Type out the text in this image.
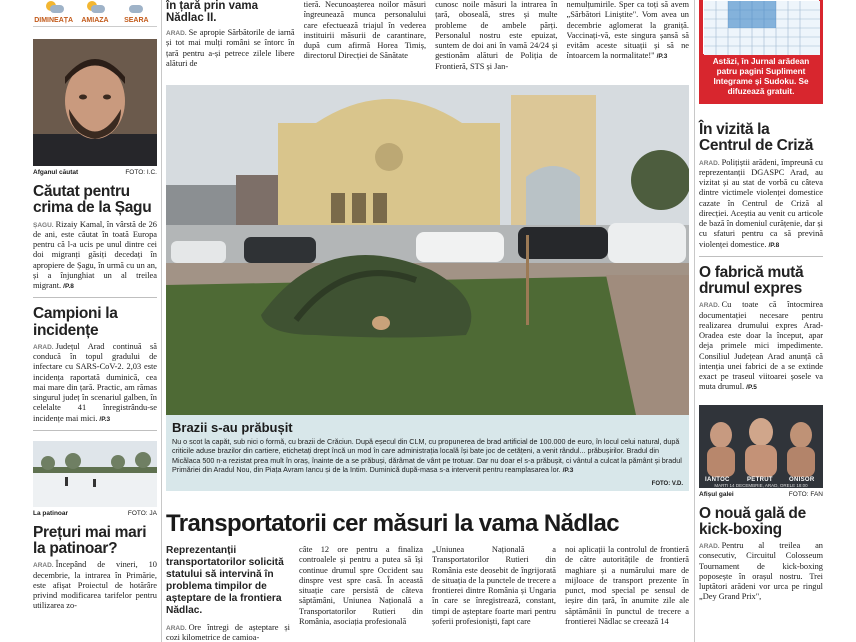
DIMINEAȚA	AMIAZA	SEARA
Afganul căutat	FOTO: I.C.
Căutat pentru crima de la Șagu

ȘAGU. Rizaiy Kamal, în vârstă de 26 de ani, este căutat în toată Europa pentru că l-a ucis pe unul dintre cei doi migranți găsiți decedați în apropiere de Șagu, în urmă cu un an, și a înjunghiat un al treilea migrant. /P.8

Campioni la incidențe

ARAD. Județul Arad continuă să conducă în topul gradului de infectare cu SARS-CoV-2. 2,03 este incidența raportată duminică, cea mai mare din țară. Practic, am rămas singurul județ în scenariul galben, în celelalte 41 înregistrându-se incidențe mai mici. /P.3

La patinoar	FOTO: JA
Prețuri mai mari la patinoar?

ARAD. Începând de vineri, 10 decembrie, la intrarea în Primărie, este afișat Proiectul de hotărâre privind modificarea tarifelor pentru utilizarea zo-

în țară prin vama Nădlac II.

ARAD. Se apropie Sărbătorile de iarnă și tot mai mulți români se întorc în țară pentru a-și petrece zilele libere alături de

tieră. Necunoașterea noilor măsuri îngreunează munca personalului care efectuează triajul în vederea instituirii măsurii de carantinare, după cum afirmă Horea Timiș, directorul Direcției de Sănătate

cunosc noile măsuri la intrarea în țară, oboseală, stres și multe probleme de ambele părți. Personalul nostru este epuizat, suntem de doi ani în vamă 24/24 și gestionăm alături de Poliția de Frontieră, STS și Jan-

nemulțumirile. Sper ca toți să avem „Sărbători Liniștite". Vom avea un decembrie aglomerat la graniță. Vaccinați-vă, este singura șansă să evităm aceste situații și să ne întoarcem la normalitate!" /P.3

Brazii s-au prăbușit

Nu o scot la capăt, sub nici o formă, cu brazii de Crăciun. După eșecul din CLM, cu propunerea de brad artificial de 100.000 de euro, în locul celui natural, după criticile aduse brazilor din cartiere, etichetați drept încă un mod în care administrația locală își bate joc de cetățeni, a venit rândul... prăbușirilor. Bradul din Micălaca 500 n-a rezistat prea mult în oraș, înainte de a se prăbuși, dărâmat de vânt pe trotuar. Dar nu doar el s-a prăbușit, ci vântul a culcat la pământ și bradul Primăriei din Aradul Nou, din Piața Avram Iancu și de la Intim. Duminică după-masa s-a intervenit pentru reamplasarea lor. /P.3

FOTO: V.D.
Transportatorii cer măsuri la vama Nădlac

Reprezentanții transportatorilor solicită statului să intervină în problema timpilor de așteptare de la frontiera Nădlac.

ARAD. Ore întregi de așteptare și cozi kilometrice de camioa-

câte 12 ore pentru a finaliza controalele și pentru a putea să își continue drumul spre Occident sau dinspre vest spre casă. În această situație care persistă de câteva săptămâni, Uniunea Națională a Transportatorilor Rutieri din România, asociația profesională

„Uniunea Națională a Transportatorilor Rutieri din România este deosebit de îngrijorată de situația de la punctele de trecere a frontierei dintre România și Ungaria în care se înregistrează, constant, timpi de așteptare foarte mari pentru șoferii profesioniști, fapt care

noi aplicații la controlul de frontieră de către autoritățile de frontieră maghiare și a numărului mare de mijloace de transport prezente în punct, mod special pe sensul de ieșire din țară, în anumite zile ale săptămânii în punctul de trecere a frontierei Nădlac se creează 14

Astăzi, în Jurnal arădean patru pagini Supliment Integrame și Sudoku. Se difuzează gratuit.
În vizită la Centrul de Criză

ARAD. Polițiștii arădeni, împreună cu reprezentanții DGASPC Arad, au vizitat și au stat de vorbă cu câteva dintre victimele violenței domestice cazate în Centrul de Criză al direcției. Aceștia au venit cu articole de bază în domeniul curățenie, dar și cu sfaturi pentru ca să prevină violenței domestice. /P.8

O fabrică mută drumul expres

ARAD. Cu toate că întocmirea documentației necesare pentru realizarea drumului expres Arad-Oradea este doar la început, apar deja primele mici impedimente. Consiliul Județean Arad anunță că intenția unei fabrici de a se extinde exact pe traseul viitoarei șosele va muta drumul. /P.5

IANTOC	PETRUT	ONISOR
MARTI 14 DECEMBRIE, ARAD, ORELE 18:00
Afișul galei	FOTO: FAN
O nouă gală de kick-boxing

ARAD. Pentru al treilea an consecutiv, Circuitul Colosseum Tournament de kick-boxing poposește în orașul nostru. Trei luptători arădeni vor urca pe ringul „Dey Grand Prix",
